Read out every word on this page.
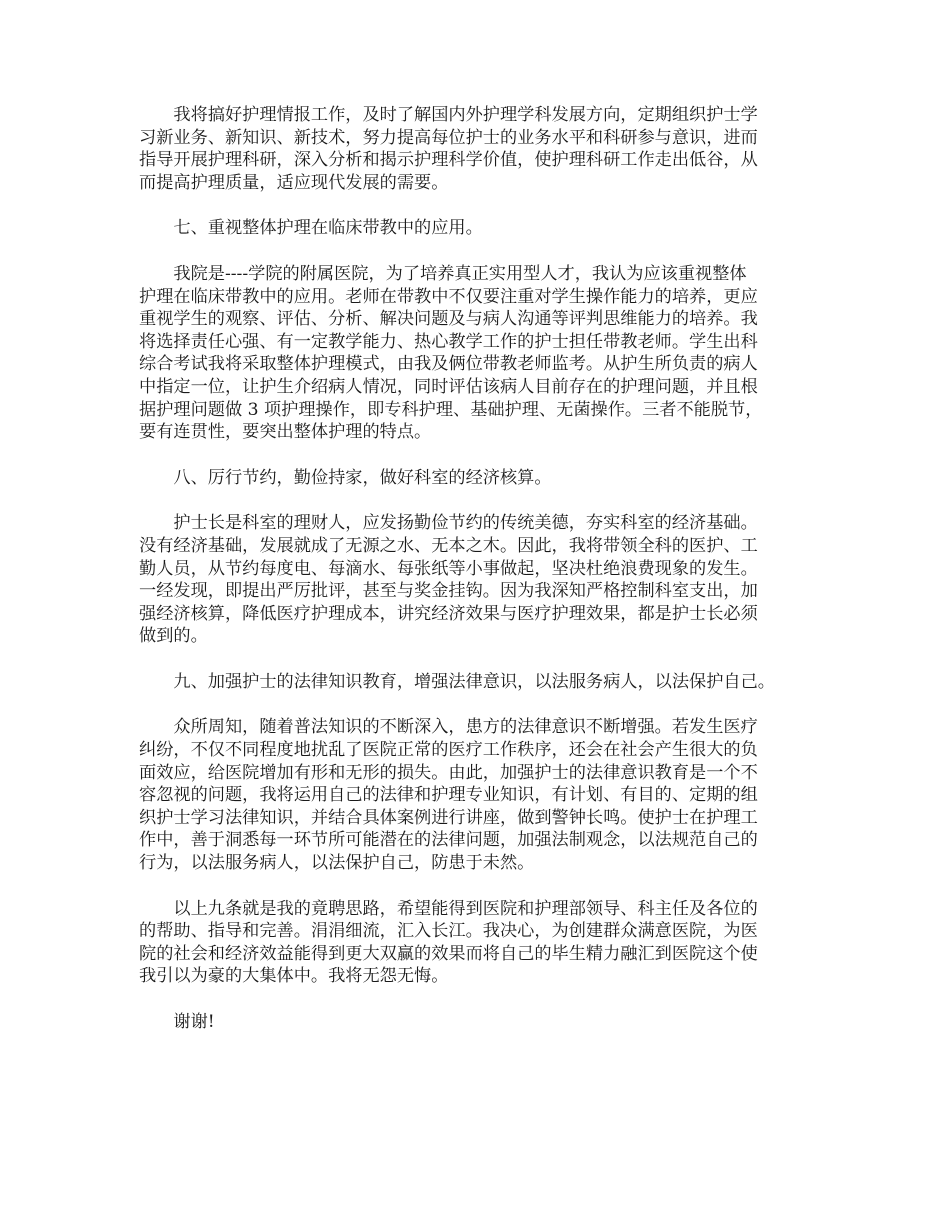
　　我将搞好护理情报工作，及时了解国内外护理学科发展方向，定期组织护士学
习新业务、新知识、新技术，努力提高每位护士的业务水平和科研参与意识，进而
指导开展护理科研，深入分析和揭示护理科学价值，使护理科研工作走出低谷，从
而提高护理质量，适应现代发展的需要。
　　七、重视整体护理在临床带教中的应用。
　　我院是----学院的附属医院，为了培养真正实用型人才，我认为应该重视整体
护理在临床带教中的应用。老师在带教中不仅要注重对学生操作能力的培养，更应
重视学生的观察、评估、分析、解决问题及与病人沟通等评判思维能力的培养。我
将选择责任心强、有一定教学能力、热心教学工作的护士担任带教老师。学生出科
综合考试我将采取整体护理模式，由我及俩位带教老师监考。从护生所负责的病人
中指定一位，让护生介绍病人情况，同时评估该病人目前存在的护理问题，并且根
据护理问题做 3 项护理操作，即专科护理、基础护理、无菌操作。三者不能脱节，
要有连贯性，要突出整体护理的特点。
　　八、厉行节约，勤俭持家，做好科室的经济核算。
　　护士长是科室的理财人，应发扬勤俭节约的传统美德，夯实科室的经济基础。
没有经济基础，发展就成了无源之水、无本之木。因此，我将带领全科的医护、工
勤人员，从节约每度电、每滴水、每张纸等小事做起，坚决杜绝浪费现象的发生。
一经发现，即提出严厉批评，甚至与奖金挂钩。因为我深知严格控制科室支出，加
强经济核算，降低医疗护理成本，讲究经济效果与医疗护理效果，都是护士长必须
做到的。
　　九、加强护士的法律知识教育，增强法律意识，以法服务病人，以法保护自己。
　　众所周知，随着普法知识的不断深入，患方的法律意识不断增强。若发生医疗
纠纷，不仅不同程度地扰乱了医院正常的医疗工作秩序，还会在社会产生很大的负
面效应，给医院增加有形和无形的损失。由此，加强护士的法律意识教育是一个不
容忽视的问题，我将运用自己的法律和护理专业知识，有计划、有目的、定期的组
织护士学习法律知识，并结合具体案例进行讲座，做到警钟长鸣。使护士在护理工
作中，善于洞悉每一环节所可能潜在的法律问题，加强法制观念，以法规范自己的
行为，以法服务病人，以法保护自己，防患于未然。
　　以上九条就是我的竟聘思路，希望能得到医院和护理部领导、科主任及各位的
的帮助、指导和完善。涓涓细流，汇入长江。我决心，为创建群众满意医院，为医
院的社会和经济效益能得到更大双赢的效果而将自己的毕生精力融汇到医院这个使
我引以为豪的大集体中。我将无怨无悔。
　　谢谢!
